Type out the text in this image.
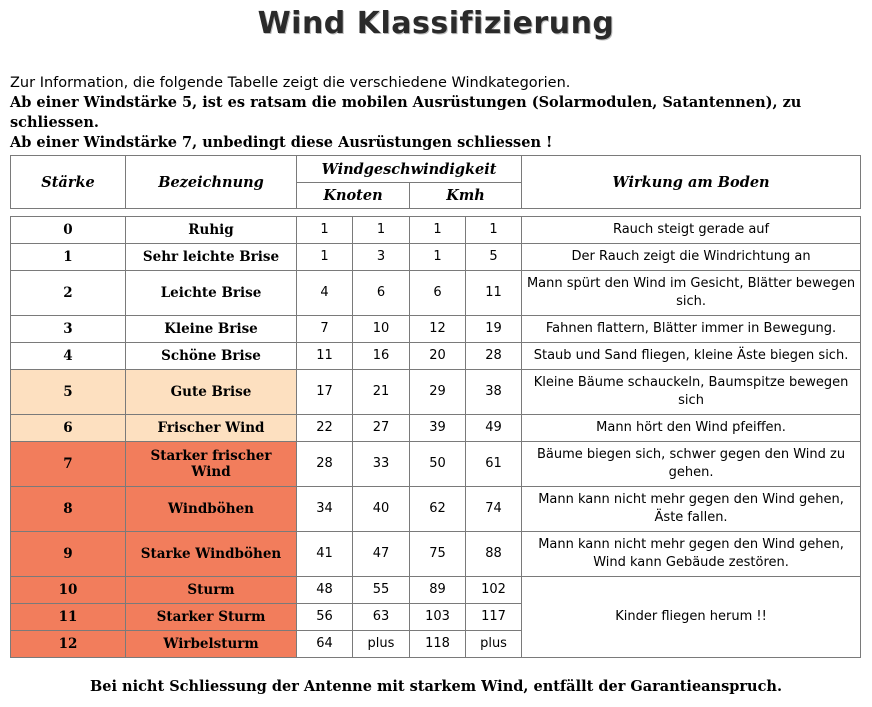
Wind Klassifizierung
Zur Information, die folgende Tabelle zeigt die verschiedene Windkategorien.
Ab einer Windstärke 5, ist es ratsam die mobilen Ausrüstungen (Solarmodulen, Satantennen), zu schliessen.
Ab einer Windstärke 7, unbedingt diese Ausrüstungen schliessen !
Stärke	Bezeichnung	Windgeschwindigkeit				Wirkung am Boden
		Knoten		Kmh		

0	Ruhig	1	1	1	1	Rauch steigt gerade auf
1	Sehr leichte Brise	1	3	1	5	Der Rauch zeigt die Windrichtung an
2	Leichte Brise	4	6	6	11	Mann spürt den Wind im Gesicht, Blätter bewegen sich.
3	Kleine Brise	7	10	12	19	Fahnen flattern, Blätter immer in Bewegung.
4	Schöne Brise	11	16	20	28	Staub und Sand fliegen, kleine Äste biegen sich.
5	Gute Brise	17	21	29	38	Kleine Bäume schauckeln, Baumspitze bewegen sich
6	Frischer Wind	22	27	39	49	Mann hört den Wind pfeiffen.
7	Starker frischer Wind	28	33	50	61	Bäume biegen sich, schwer gegen den Wind zu gehen.
8	Windböhen	34	40	62	74	Mann kann nicht mehr gegen den Wind gehen, Äste fallen.
9	Starke Windböhen	41	47	75	88	Mann kann nicht mehr gegen den Wind gehen, Wind kann Gebäude zestören.
10	Sturm	48	55	89	102	Kinder fliegen herum !!
11	Starker Sturm	56	63	103	117	
12	Wirbelsturm	64	plus	118	plus	
Bei nicht Schliessung der Antenne mit starkem Wind, entfällt der Garantieanspruch.
